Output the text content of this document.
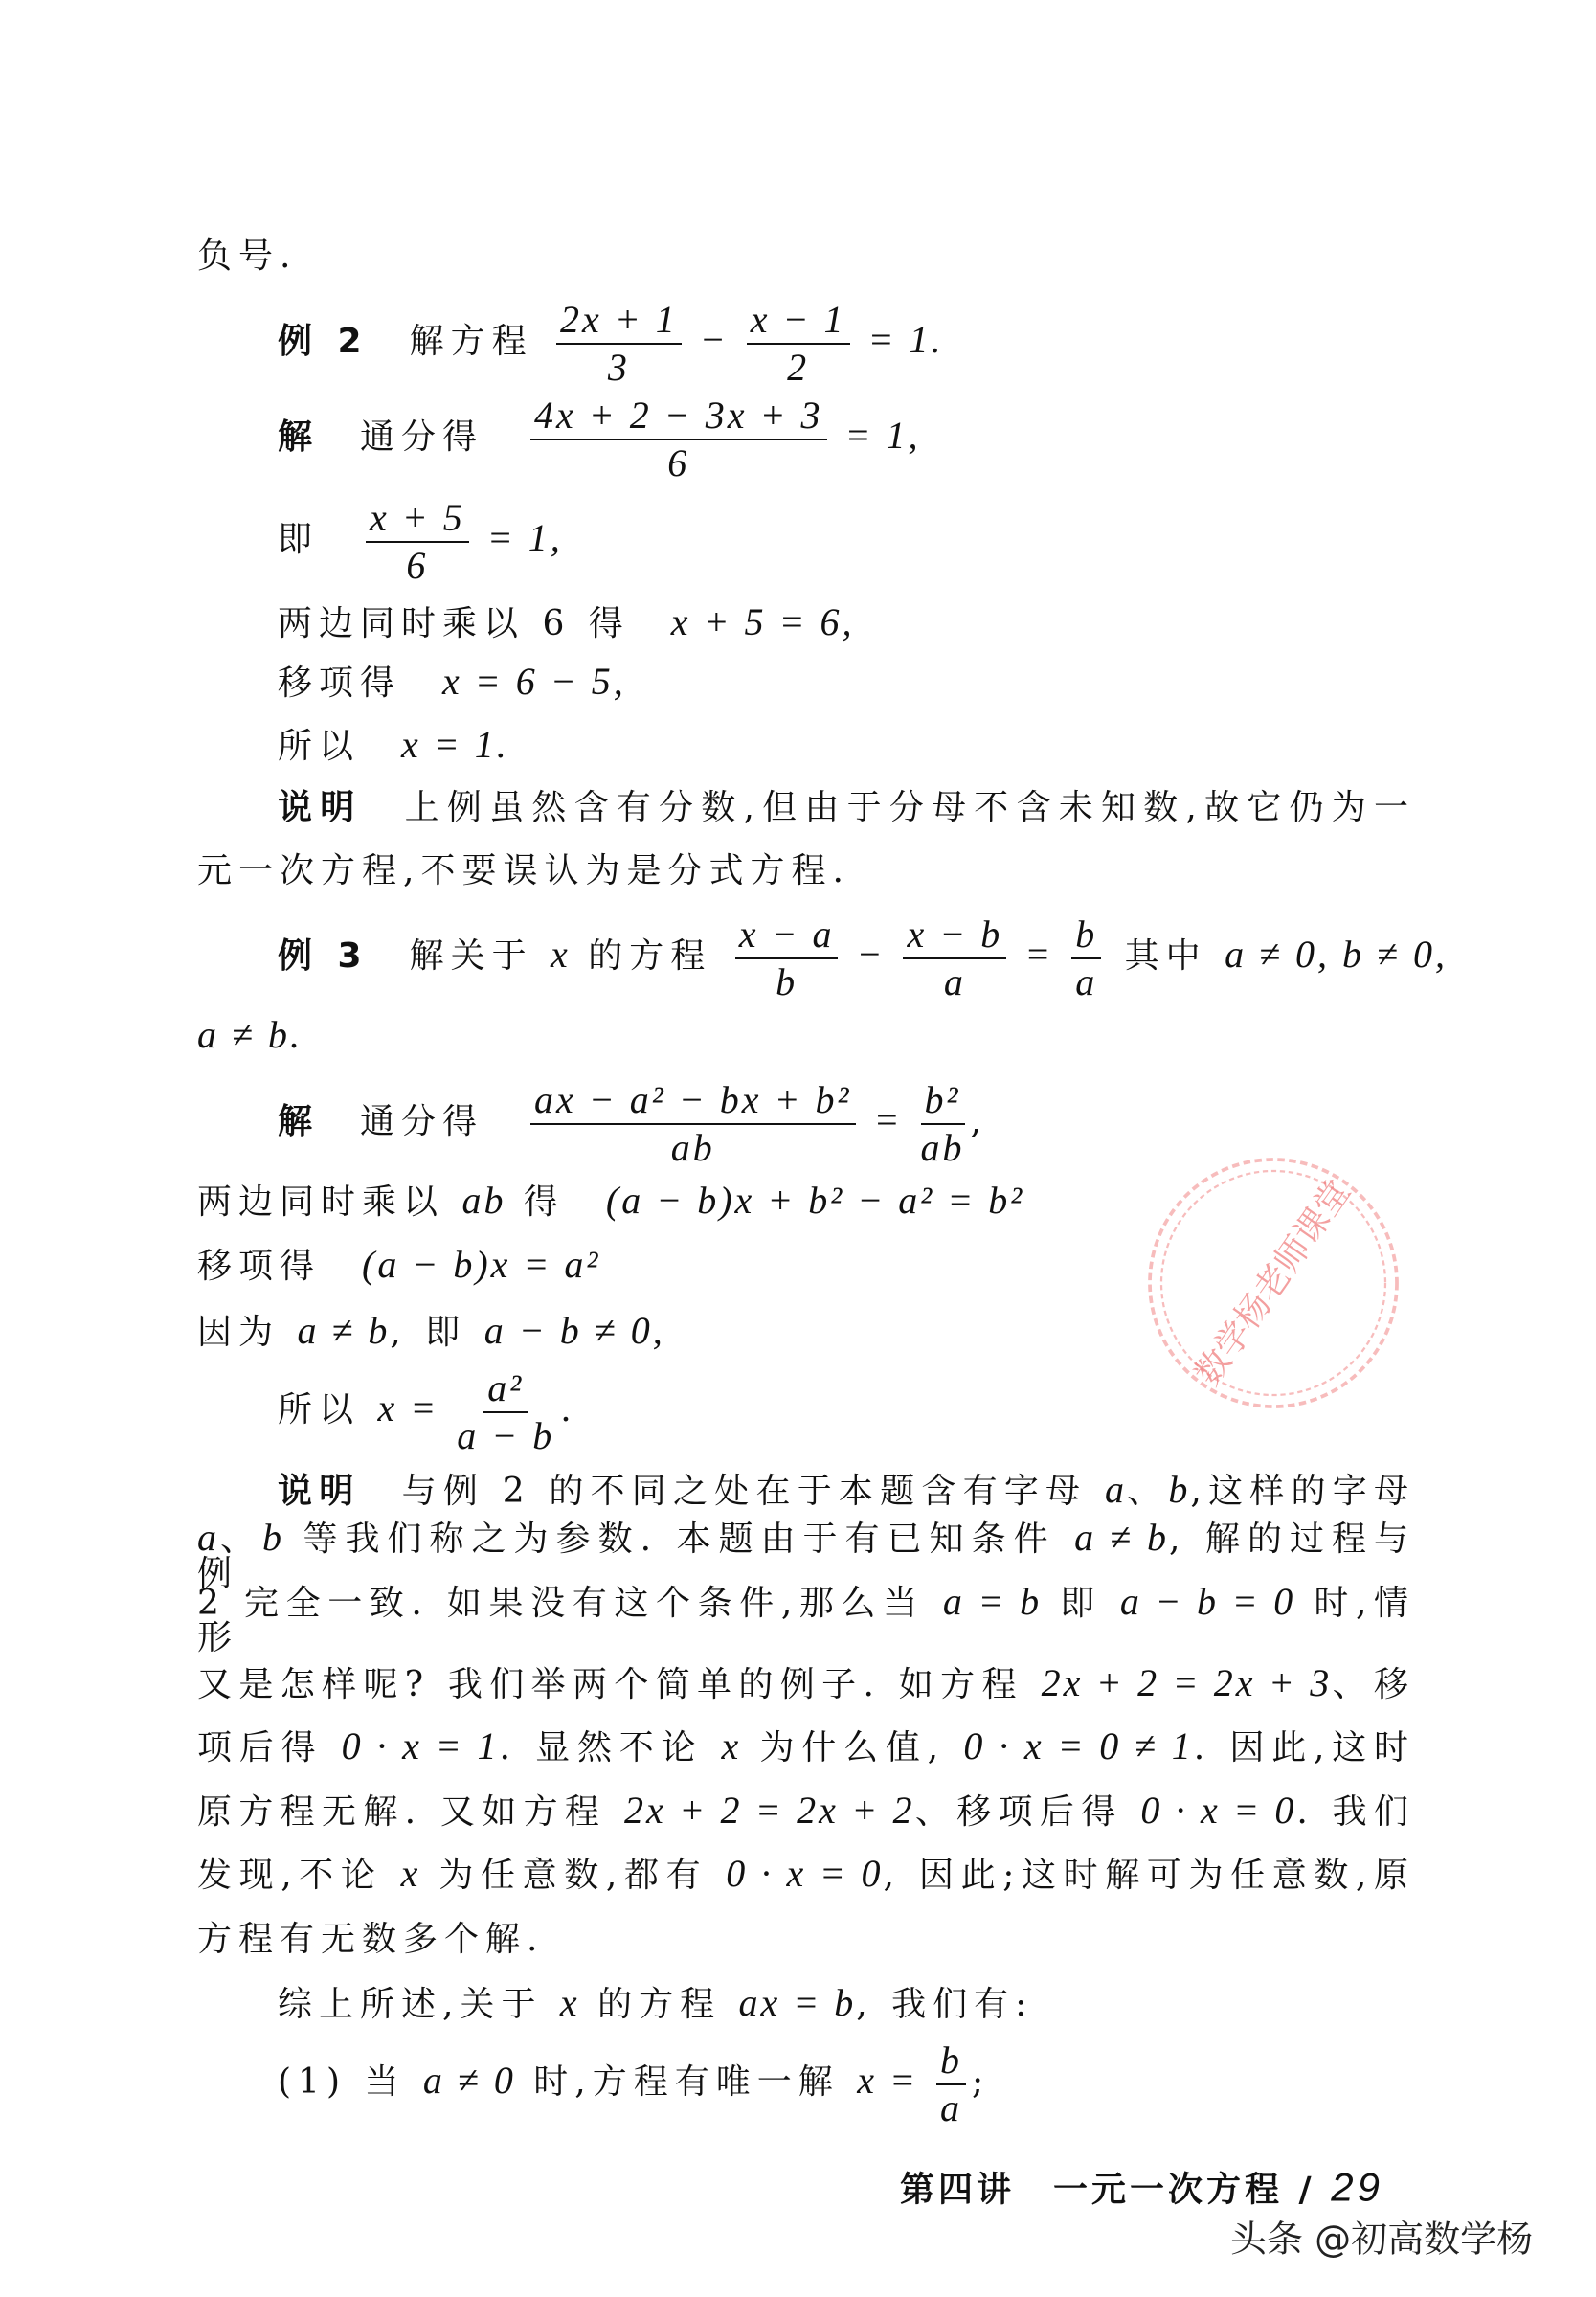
负号.
例 2　解方程 $\frac{2x + 1}{3} - \frac{x - 1}{2} = 1$.
解　通分得　 $\frac{4x + 2 - 3x + 3}{6} = 1$,
即　 $\frac{x + 5}{6} = 1$,
两边同时乘以 6 得　x + 5 = 6,
移项得　x = 6 − 5,
所以　x = 1.
说明　上例虽然含有分数,但由于分母不含未知数,故它仍为一
元一次方程,不要误认为是分式方程.
例 3　解关于 x 的方程 $\frac{x - a}{b} - \frac{x - b}{a} = \frac{b}{a}$ 其中 a ≠ 0, b ≠ 0,
a ≠ b.
解　通分得　 $\frac{\text{ax − a² − bx + b²}}{ab} = \frac{\text{b²}}{ab}$ ,
两边同时乘以 ab 得　(a − b)x + b² − a² = b²
移项得　(a − b)x = a²
因为 a ≠ b, 即 a − b ≠ 0,
所以 $x = \frac{\text{a²}}{a - b}$ .
说明　与例 2 的不同之处在于本题含有字母 a、b,这样的字母
a、b 等我们称之为参数. 本题由于有已知条件 a ≠ b, 解的过程与例
2 完全一致. 如果没有这个条件,那么当 a = b 即 a − b = 0 时,情形
又是怎样呢? 我们举两个简单的例子. 如方程 2x + 2 = 2x + 3、移
项后得 0 · x = 1. 显然不论 x 为什么值, 0 · x = 0 ≠ 1. 因此,这时
原方程无解. 又如方程 2x + 2 = 2x + 2、移项后得 0 · x = 0. 我们
发现,不论 x 为任意数,都有 0 · x = 0, 因此;这时解可为任意数,原
方程有无数多个解.
综上所述,关于 x 的方程 ax = b, 我们有:
(1) 当 a ≠ 0 时,方程有唯一解 $x = \frac{b}{a}$ ;
数学杨老师课堂
第四讲　一元一次方程 / 29
头条 @初高数学杨
